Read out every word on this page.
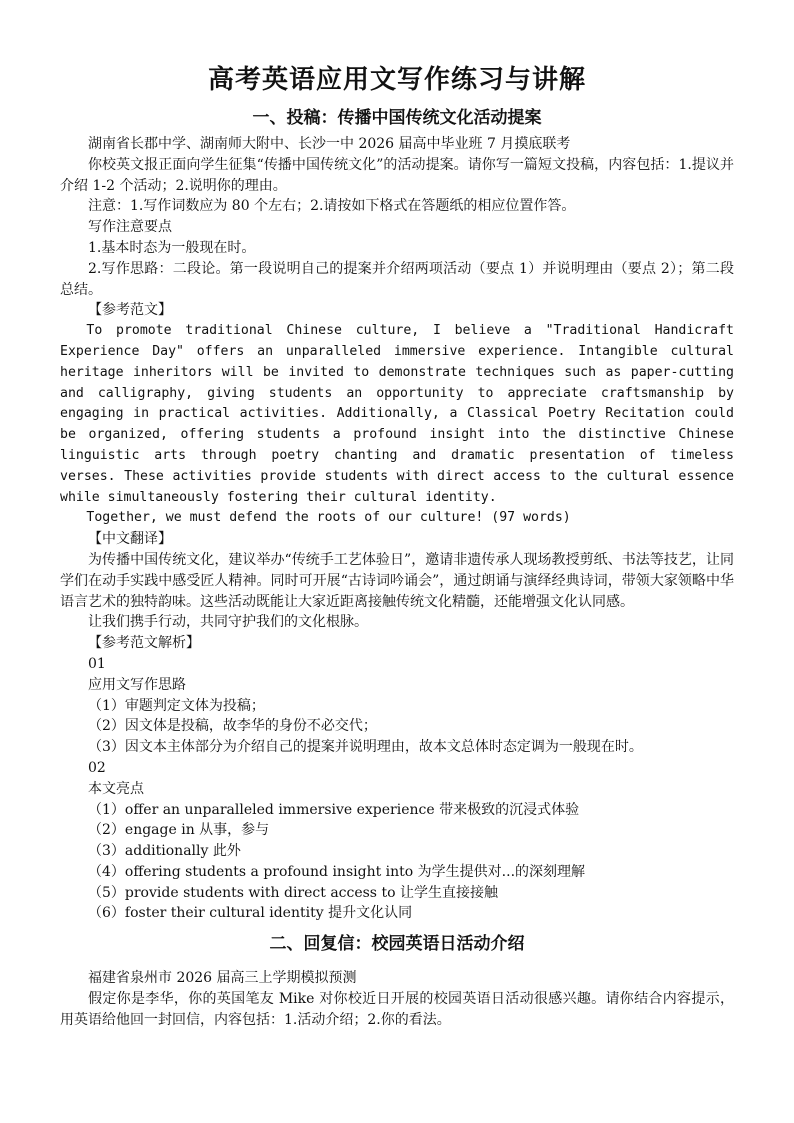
高考英语应用文写作练习与讲解
一、投稿：传播中国传统文化活动提案

湖南省长郡中学、湖南师大附中、长沙一中 2026 届高中毕业班 7 月摸底联考

你校英文报正面向学生征集“传播中国传统文化”的活动提案。请你写一篇短文投稿，内容包括：1.提议并介绍 1-2 个活动；2.说明你的理由。

注意：1.写作词数应为 80 个左右；2.请按如下格式在答题纸的相应位置作答。

写作注意要点

1.基本时态为一般现在时。

2.写作思路：二段论。第一段说明自己的提案并介绍两项活动（要点 1）并说明理由（要点 2）；第二段总结。

【参考范文】

To promote traditional Chinese culture, I believe a "Traditional Handicraft Experience Day" offers an unparalleled immersive experience. Intangible cultural heritage inheritors will be invited to demonstrate techniques such as paper-cutting and calligraphy, giving students an opportunity to appreciate craftsmanship by engaging in practical activities. Additionally, a Classical Poetry Recitation could be organized, offering students a profound insight into the distinctive Chinese linguistic arts through poetry chanting and dramatic presentation of timeless verses. These activities provide students with direct access to the cultural essence while simultaneously fostering their cultural identity.

Together, we must defend the roots of our culture! (97 words)

【中文翻译】

为传播中国传统文化，建议举办“传统手工艺体验日”，邀请非遗传承人现场教授剪纸、书法等技艺，让同学们在动手实践中感受匠人精神。同时可开展“古诗词吟诵会”，通过朗诵与演绎经典诗词，带领大家领略中华语言艺术的独特韵味。这些活动既能让大家近距离接触传统文化精髓，还能增强文化认同感。

让我们携手行动，共同守护我们的文化根脉。

【参考范文解析】

01

应用文写作思路

（1）审题判定文体为投稿；

（2）因文体是投稿，故李华的身份不必交代；

（3）因文本主体部分为介绍自己的提案并说明理由，故本文总体时态定调为一般现在时。

02

本文亮点

（1）offer an unparalleled immersive experience 带来极致的沉浸式体验

（2）engage in 从事，参与

（3）additionally 此外

（4）offering students a profound insight into 为学生提供对...的深刻理解

（5）provide students with direct access to 让学生直接接触

（6）foster their cultural identity 提升文化认同

二、回复信：校园英语日活动介绍

福建省泉州市 2026 届高三上学期模拟预测

假定你是李华，你的英国笔友 Mike 对你校近日开展的校园英语日活动很感兴趣。请你结合内容提示，用英语给他回一封回信，内容包括：1.活动介绍；2.你的看法。
